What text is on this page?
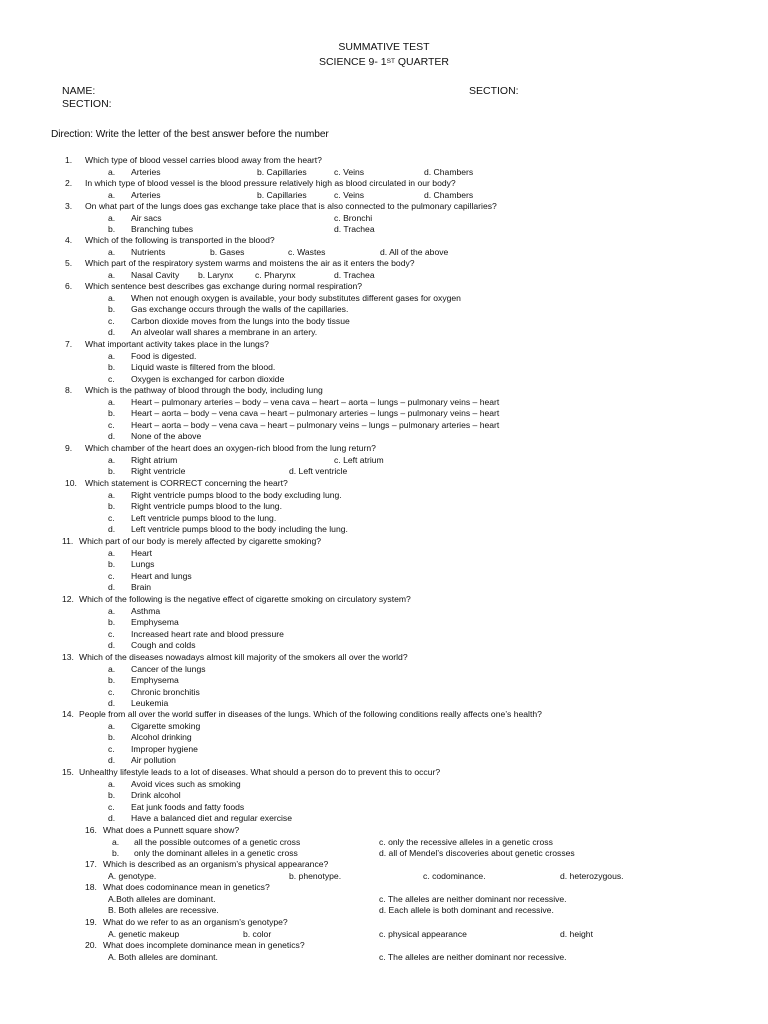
SUMMATIVE TEST
SCIENCE 9- 1ST QUARTER
NAME:	SECTION:
SECTION:
Direction: Write the letter of the best answer before the number
1. Which type of blood vessel carries blood away from the heart?
a. Arteries	b. Capillaries	c. Veins	d. Chambers
2. In which type of blood vessel is the blood pressure relatively high as blood circulated in our body?
a. Arteries	b. Capillaries	c. Veins	d. Chambers
3. On what part of the lungs does gas exchange take place that is also connected to the pulmonary capillaries?
a. Air sacs	c. Bronchi
b. Branching tubes	d. Trachea
4. Which of the following is transported in the blood?
a. Nutrients	b. Gases	c. Wastes	d. All of the above
5. Which part of the respiratory system warms and moistens the air as it enters the body?
a. Nasal Cavity b. Larynx	c. Pharynx	d. Trachea
6. Which sentence best describes gas exchange during normal respiration?
a. When not enough oxygen is available, your body substitutes different gases for oxygen
b. Gas exchange occurs through the walls of the capillaries.
c. Carbon dioxide moves from the lungs into the body tissue
d. An alveolar wall shares a membrane in an artery.
7. What important activity takes place in the lungs?
a. Food is digested.
b. Liquid waste is filtered from the blood.
c. Oxygen is exchanged for carbon dioxide
8. Which is the pathway of blood through the body, including lung
a. Heart – pulmonary arteries – body – vena cava – heart – aorta – lungs – pulmonary veins – heart
b. Heart – aorta – body – vena cava – heart – pulmonary arteries – lungs – pulmonary veins – heart
c. Heart – aorta – body – vena cava – heart – pulmonary veins – lungs – pulmonary arteries – heart
d. None of the above
9. Which chamber of the heart does an oxygen-rich blood from the lung return?
a. Right atrium	c. Left atrium
b. Right ventricle	d. Left ventricle
10. Which statement is CORRECT concerning the heart?
a. Right ventricle pumps blood to the body excluding lung.
b. Right ventricle pumps blood to the lung.
c. Left ventricle pumps blood to the lung.
d. Left ventricle pumps blood to the body including the lung.
11. Which part of our body is merely affected by cigarette smoking?
a. Heart
b. Lungs
c. Heart and lungs
d. Brain
12. Which of the following is the negative effect of cigarette smoking on circulatory system?
a. Asthma
b. Emphysema
c. Increased heart rate and blood pressure
d. Cough and colds
13. Which of the diseases nowadays almost kill majority of the smokers all over the world?
a. Cancer of the lungs
b. Emphysema
c. Chronic bronchitis
d. Leukemia
14. People from all over the world suffer in diseases of the lungs. Which of the following conditions really affects one’s health?
a. Cigarette smoking
b. Alcohol drinking
c. Improper hygiene
d. Air pollution
15. Unhealthy lifestyle leads to a lot of diseases. What should a person do to prevent this to occur?
a. Avoid vices such as smoking
b. Drink alcohol
c. Eat junk foods and fatty foods
d. Have a balanced diet and regular exercise
16. What does a Punnett square show?
a. all the possible outcomes of a genetic cross	c. only the recessive alleles in a genetic cross
b. only the dominant alleles in a genetic cross	d. all of Mendel’s discoveries about genetic crosses
17. Which is described as an organism’s physical appearance?
A. genotype.	b. phenotype.	c. codominance.	d. heterozygous.
18. What does codominance mean in genetics?
A.Both alleles are dominant.	c. The alleles are neither dominant nor recessive.
B. Both alleles are recessive.	d. Each allele is both dominant and recessive.
19. What do we refer to as an organism’s genotype?
A. genetic makeup	b. color	c. physical appearance	d. height
20. What does incomplete dominance mean in genetics?
A. Both alleles are dominant.	c. The alleles are neither dominant nor recessive.
